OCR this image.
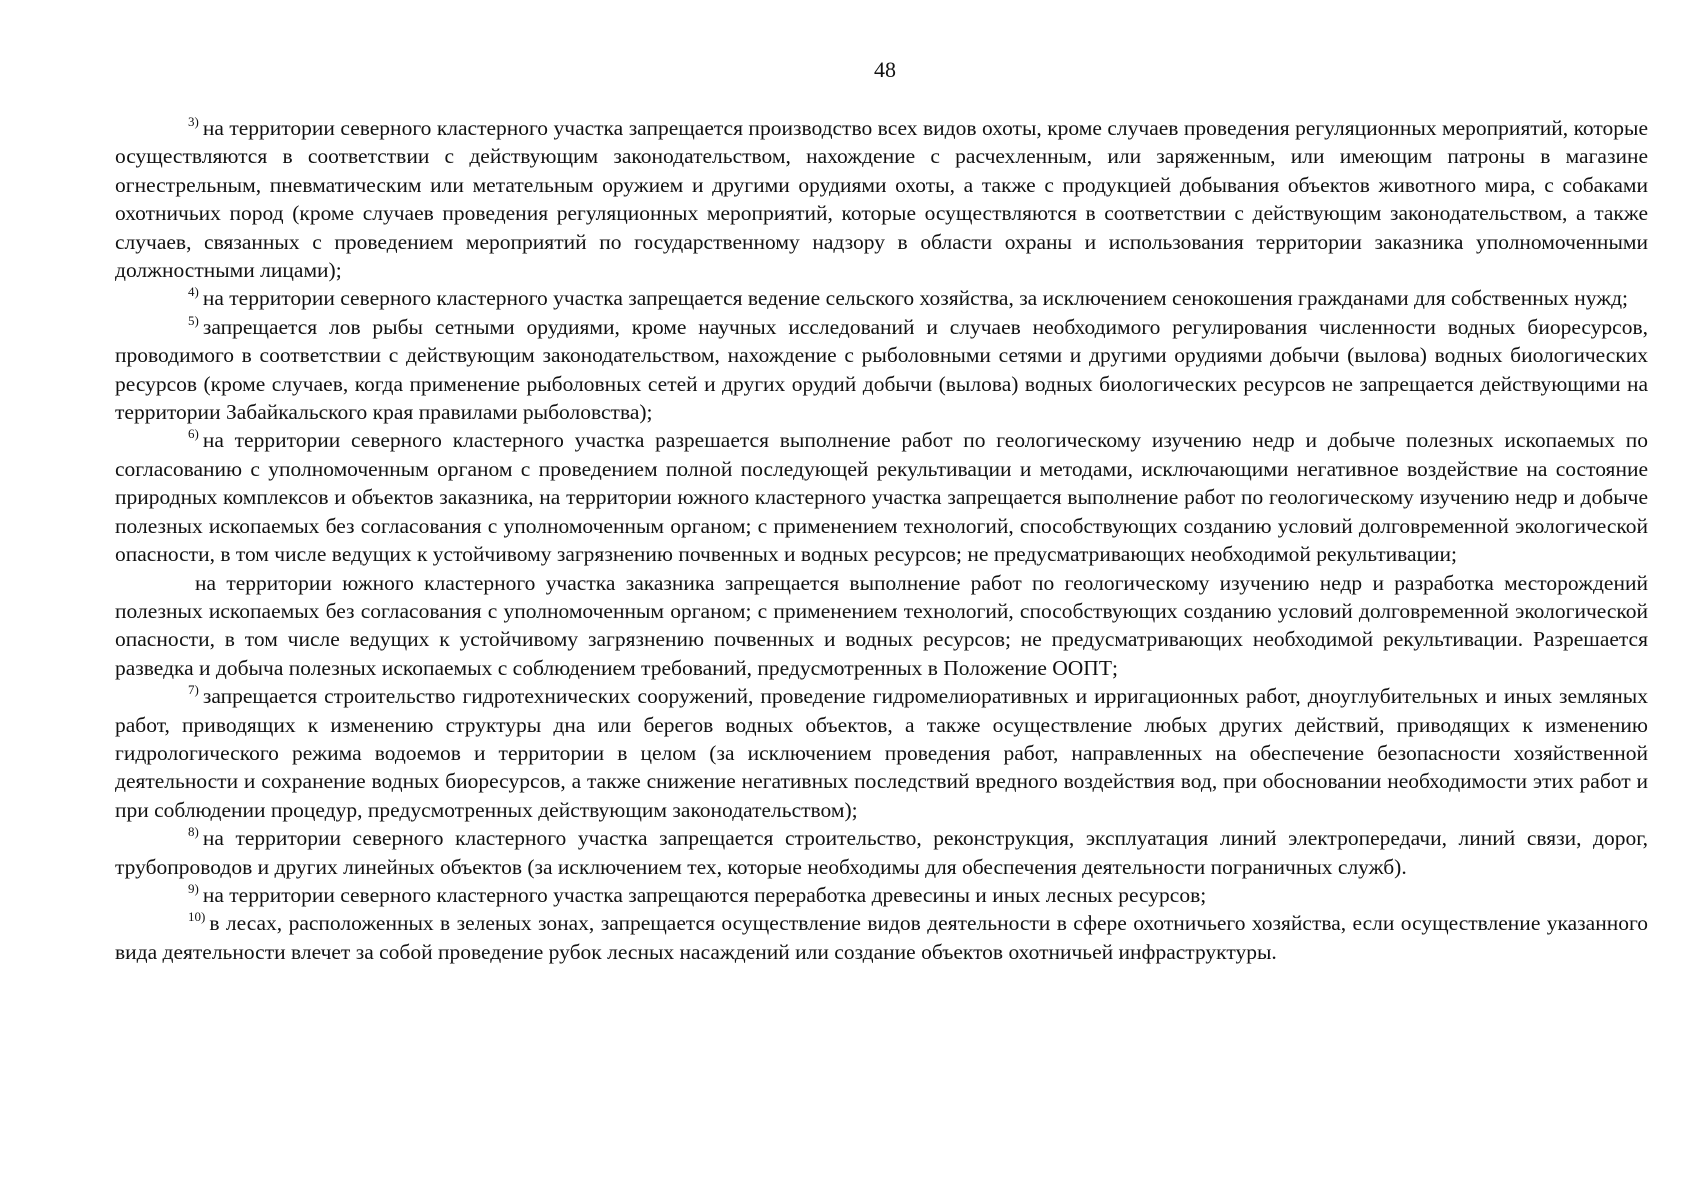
48

$^{3)}$ на территории северного кластерного участка запрещается производство всех видов охоты, кроме случаев проведения регуляционных мероприятий, которые осуществляются в соответствии с действующим законодательством, нахождение с расчехленным, или заряженным, или имеющим патроны в магазине огнестрельным, пневматическим или метательным оружием и другими орудиями охоты, а также с продукцией добывания объектов животного мира, с собаками охотничьих пород (кроме случаев проведения регуляционных мероприятий, которые осуществляются в соответствии с действующим законодательством, а также случаев, связанных с проведением мероприятий по государственному надзору в области охраны и использования территории заказника уполномоченными должностными лицами);

$^{4)}$ на территории северного кластерного участка запрещается ведение сельского хозяйства, за исключением сенокошения гражданами для собственных нужд;

$^{5)}$ запрещается лов рыбы сетными орудиями, кроме научных исследований и случаев необходимого регулирования численности водных биоресурсов, проводимого в соответствии с действующим законодательством, нахождение с рыболовными сетями и другими орудиями добычи (вылова) водных биологических ресурсов (кроме случаев, когда применение рыболовных сетей и других орудий добычи (вылова) водных биологических ресурсов не запрещается действующими на территории Забайкальского края правилами рыболовства);

$^{6)}$ на территории северного кластерного участка разрешается выполнение работ по геологическому изучению недр и добыче полезных ископаемых по согласованию с уполномоченным органом с проведением полной последующей рекультивации и методами, исключающими негативное воздействие на состояние природных комплексов и объектов заказника, на территории южного кластерного участка запрещается выполнение работ по геологическому изучению недр и добыче полезных ископаемых без согласования с уполномоченным органом; с применением технологий, способствующих созданию условий долговременной экологической опасности, в том числе ведущих к устойчивому загрязнению почвенных и водных ресурсов; не предусматривающих необходимой рекультивации;

на территории южного кластерного участка заказника запрещается выполнение работ по геологическому изучению недр и разработка месторождений полезных ископаемых без согласования с уполномоченным органом; с применением технологий, способствующих созданию условий долговременной экологической опасности, в том числе ведущих к устойчивому загрязнению почвенных и водных ресурсов; не предусматривающих необходимой рекультивации. Разрешается разведка и добыча полезных ископаемых с соблюдением требований, предусмотренных в Положение ООПТ;

$^{7)}$ запрещается строительство гидротехнических сооружений, проведение гидромелиоративных и ирригационных работ, дноуглубительных и иных земляных работ, приводящих к изменению структуры дна или берегов водных объектов, а также осуществление любых других действий, приводящих к изменению гидрологического режима водоемов и территории в целом (за исключением проведения работ, направленных на обеспечение безопасности хозяйственной деятельности и сохранение водных биоресурсов, а также снижение негативных последствий вредного воздействия вод, при обосновании необходимости этих работ и при соблюдении процедур, предусмотренных действующим законодательством);

$^{8)}$ на территории северного кластерного участка запрещается строительство, реконструкция, эксплуатация линий электропередачи, линий связи, дорог, трубопроводов и других линейных объектов (за исключением тех, которые необходимы для обеспечения деятельности пограничных служб).

$^{9)}$ на территории северного кластерного участка запрещаются переработка древесины и иных лесных ресурсов;

$^{10)}$ в лесах, расположенных в зеленых зонах, запрещается осуществление видов деятельности в сфере охотничьего хозяйства, если осуществление указанного вида деятельности влечет за собой проведение рубок лесных насаждений или создание объектов охотничьей инфраструктуры.
